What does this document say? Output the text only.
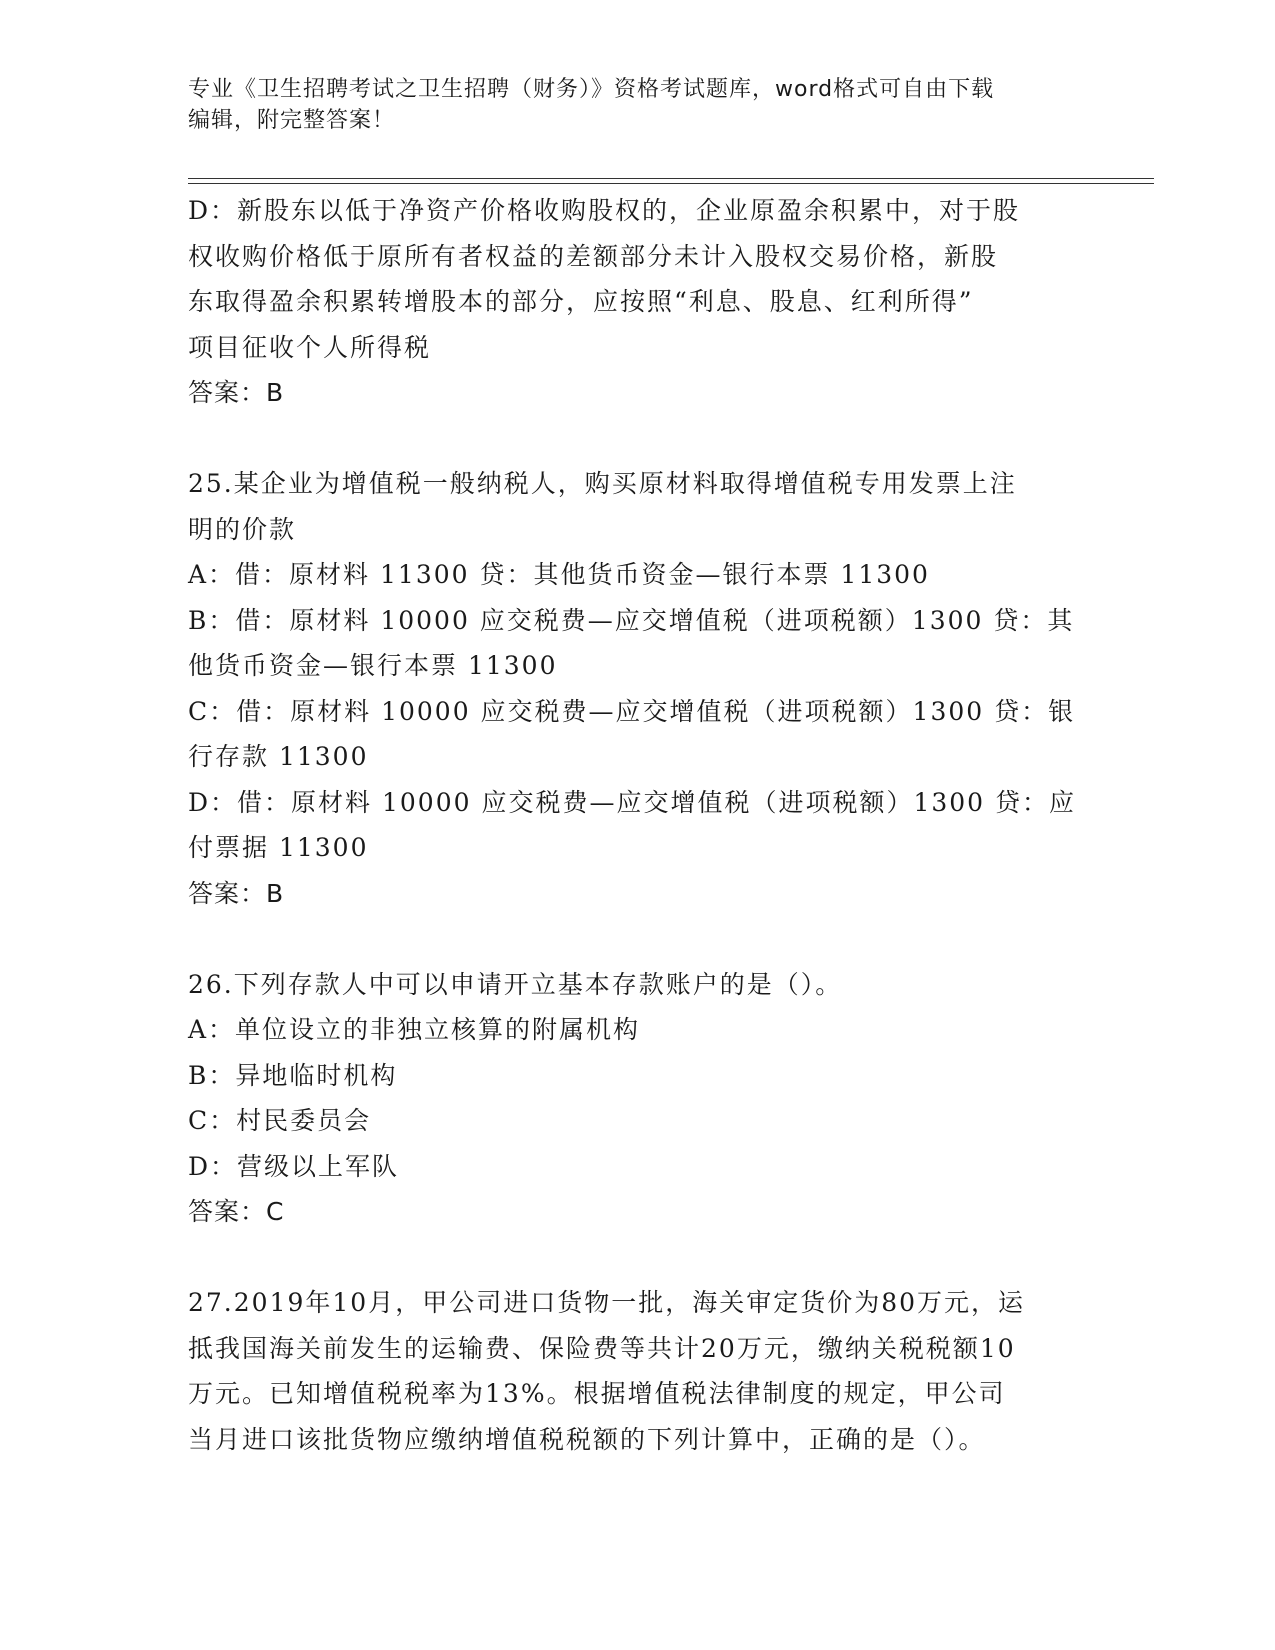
专业《卫生招聘考试之卫生招聘（财务）》资格考试题库，word格式可自由下载
编辑，附完整答案！
D：新股东以低于净资产价格收购股权的，企业原盈余积累中，对于股
权收购价格低于原所有者权益的差额部分未计入股权交易价格，新股
东取得盈余积累转增股本的部分，应按照“利息、股息、红利所得”
项目征收个人所得税
答案：B
25.某企业为增值税一般纳税人，购买原材料取得增值税专用发票上注
明的价款
A：借：原材料 11300 贷：其他货币资金—银行本票 11300
B：借：原材料 10000 应交税费—应交增值税（进项税额）1300 贷：其
他货币资金—银行本票 11300
C：借：原材料 10000 应交税费—应交增值税（进项税额）1300 贷：银
行存款 11300
D：借：原材料 10000 应交税费—应交增值税（进项税额）1300 贷：应
付票据 11300
答案：B
26.下列存款人中可以申请开立基本存款账户的是（）。
A：单位设立的非独立核算的附属机构
B：异地临时机构
C：村民委员会
D：营级以上军队
答案：C
27.2019年10月，甲公司进口货物一批，海关审定货价为80万元，运
抵我国海关前发生的运输费、保险费等共计20万元，缴纳关税税额10
万元。已知增值税税率为13%。根据增值税法律制度的规定，甲公司
当月进口该批货物应缴纳增值税税额的下列计算中，正确的是（）。
